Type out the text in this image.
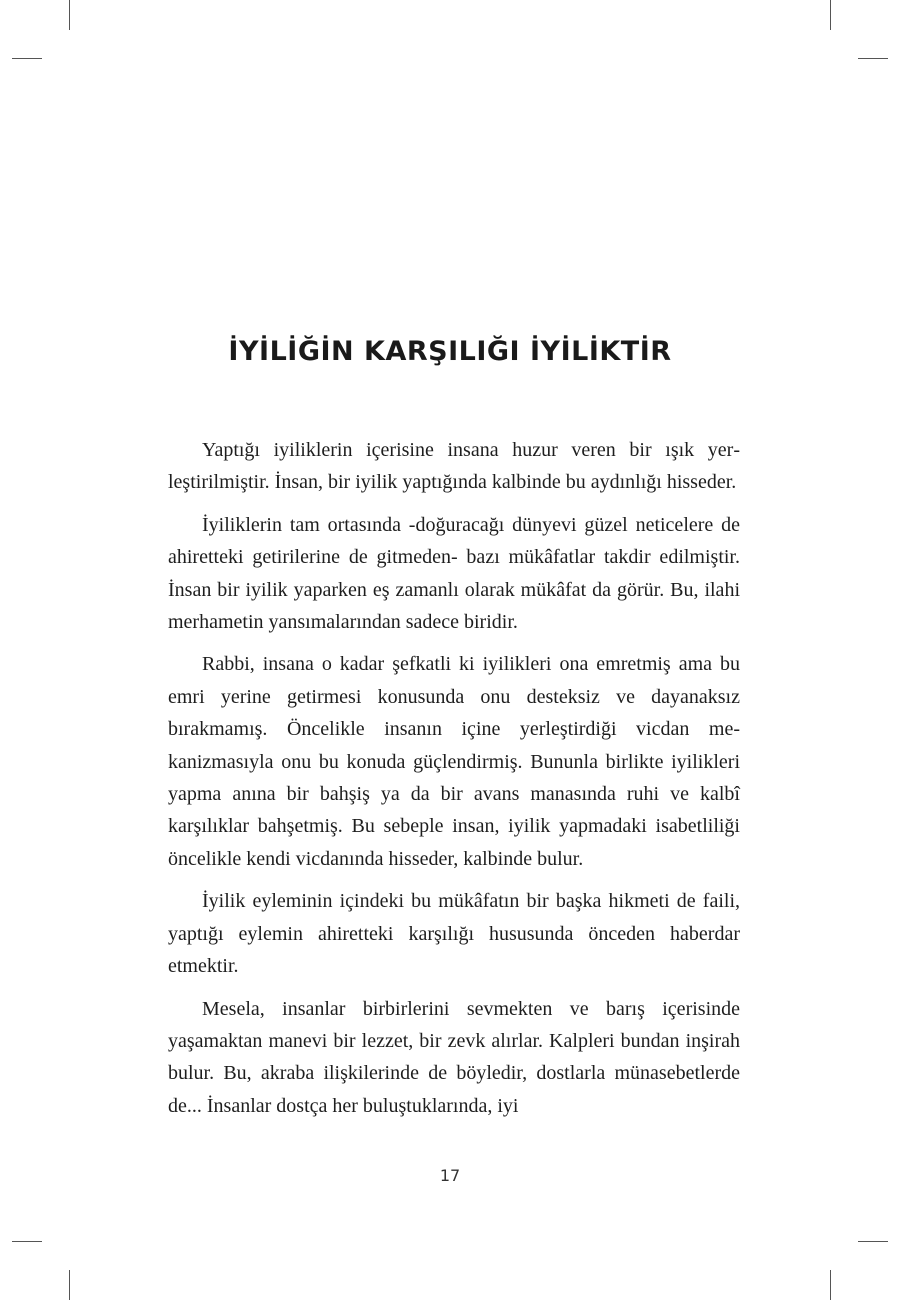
İYİLİĞİN KARŞILIĞI İYİLİKTİR

Yaptığı iyiliklerin içerisine insana huzur veren bir ışık yerleştirilmiştir. İnsan, bir iyilik yaptığında kalbinde bu aydınlığı hisseder.

İyiliklerin tam ortasında -doğuracağı dünyevi güzel neticelere de ahiretteki getirilerine de gitmeden- bazı mükâfatlar takdir edilmiştir. İnsan bir iyilik yaparken eş zamanlı olarak mükâfat da görür. Bu, ilahi merhametin yansımalarından sadece biridir.

Rabbi, insana o kadar şefkatli ki iyilikleri ona emretmiş ama bu emri yerine getirmesi konusunda onu desteksiz ve dayanaksız bırakmamış. Öncelikle insanın içine yerleştirdiği vicdan mekanizmasıyla onu bu konuda güçlendirmiş. Bununla birlikte iyilikleri yapma anına bir bahşiş ya da bir avans manasında ruhi ve kalbî karşılıklar bahşetmiş. Bu sebeple insan, iyilik yapmadaki isabetliliği öncelikle kendi vicdanında hisseder, kalbinde bulur.

İyilik eyleminin içindeki bu mükâfatın bir başka hikmeti de faili, yaptığı eylemin ahiretteki karşılığı hususunda önceden haberdar etmektir.

Mesela, insanlar birbirlerini sevmekten ve barış içerisinde yaşamaktan manevi bir lezzet, bir zevk alırlar. Kalpleri bundan inşirah bulur. Bu, akraba ilişkilerinde de böyledir, dostlarla münasebetlerde de... İnsanlar dostça her buluştuklarında, iyi

17
